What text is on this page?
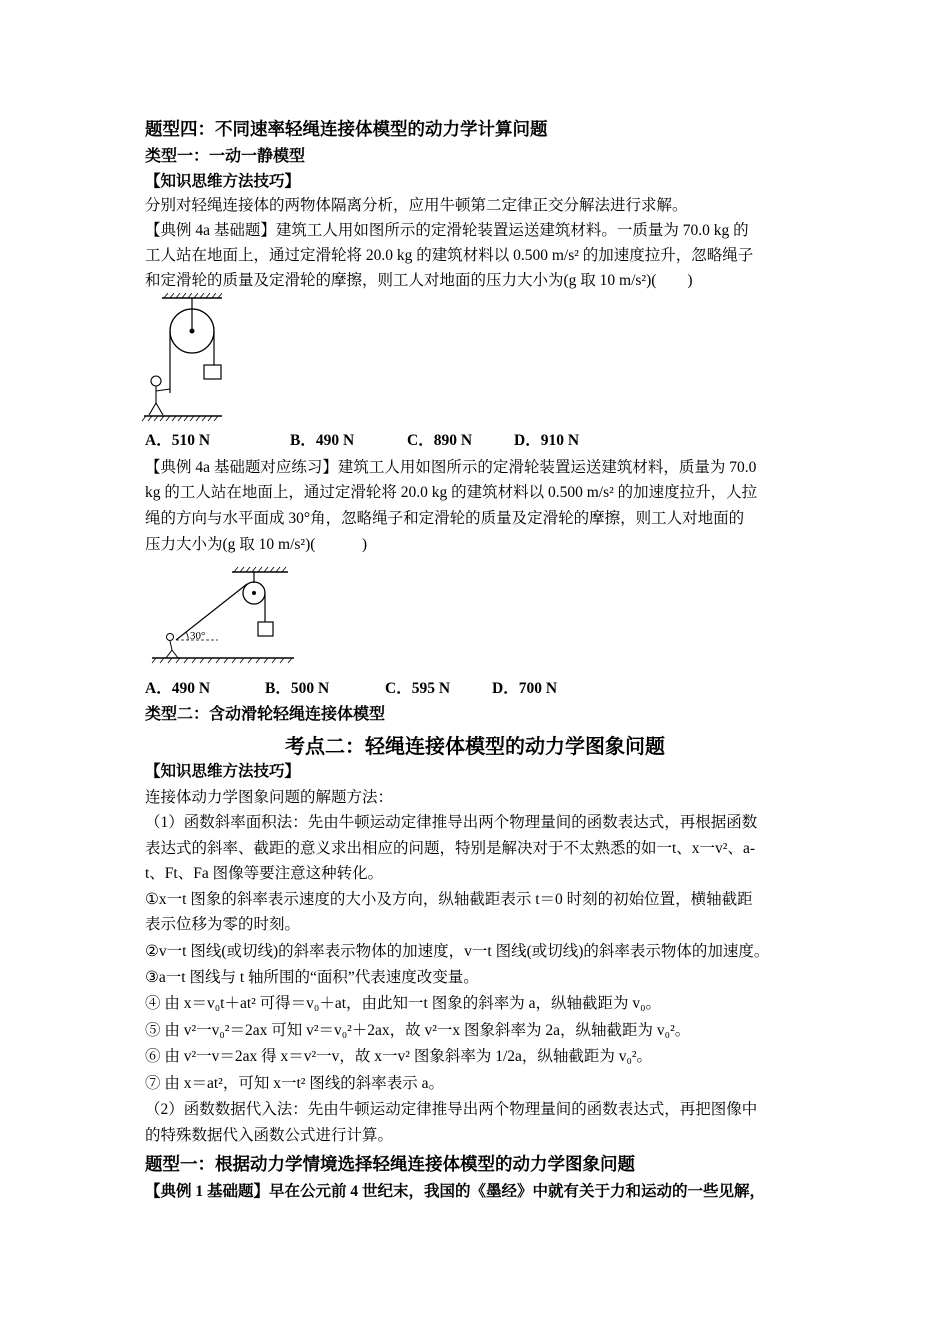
题型四：不同速率轻绳连接体模型的动力学计算问题
类型一：一动一静模型
【知识思维方法技巧】
分别对轻绳连接体的两物体隔离分析，应用牛顿第二定律正交分解法进行求解。
【典例 4a 基础题】建筑工人用如图所示的定滑轮装置运送建筑材料。一质量为 70.0 kg 的
工人站在地面上，通过定滑轮将 20.0 kg 的建筑材料以 0.500 m/s² 的加速度拉升，忽略绳子
和定滑轮的质量及定滑轮的摩擦，则工人对地面的压力大小为(g 取 10 m/s²)(　　)
A．510 N	B．490 N	C．890 N	D．910 N
【典例 4a 基础题对应练习】建筑工人用如图所示的定滑轮装置运送建筑材料，质量为 70.0
kg 的工人站在地面上，通过定滑轮将 20.0 kg 的建筑材料以 0.500 m/s² 的加速度拉升，人拉
绳的方向与水平面成 30°角，忽略绳子和定滑轮的质量及定滑轮的摩擦，则工人对地面的
压力大小为(g 取 10 m/s²)(　　　)
30°
A．490 N	B．500 N	C．595 N	D．700 N
类型二：含动滑轮轻绳连接体模型
考点二：轻绳连接体模型的动力学图象问题
【知识思维方法技巧】
连接体动力学图象问题的解题方法：
（1）函数斜率面积法：先由牛顿运动定律推导出两个物理量间的函数表达式，再根据函数
表达式的斜率、截距的意义求出相应的问题，特别是解决对于不太熟悉的如一t、x一v²、a-
t、Ft、Fa 图像等要注意这种转化。
①x一t 图象的斜率表示速度的大小及方向，纵轴截距表示 t＝0 时刻的初始位置，横轴截距
表示位移为零的时刻。
②v一t 图线(或切线)的斜率表示物体的加速度，v一t 图线(或切线)的斜率表示物体的加速度。
③a一t 图线与 t 轴所围的“面积”代表速度改变量。
④ 由 x＝v₀t＋at² 可得＝v₀＋at，由此知一t 图象的斜率为 a，纵轴截距为 v₀。
⑤ 由 v²一v₀²＝2ax 可知 v²＝v₀²＋2ax，故 v²一x 图象斜率为 2a，纵轴截距为 v₀²。
⑥ 由 v²一v＝2ax 得 x＝v²一v，故 x一v² 图象斜率为 1/2a，纵轴截距为 v₀²。
⑦ 由 x＝at²，可知 x一t² 图线的斜率表示 a。
（2）函数数据代入法：先由牛顿运动定律推导出两个物理量间的函数表达式，再把图像中
的特殊数据代入函数公式进行计算。
题型一：根据动力学情境选择轻绳连接体模型的动力学图象问题
【典例 1 基础题】早在公元前 4 世纪末，我国的《墨经》中就有关于力和运动的一些见解，
